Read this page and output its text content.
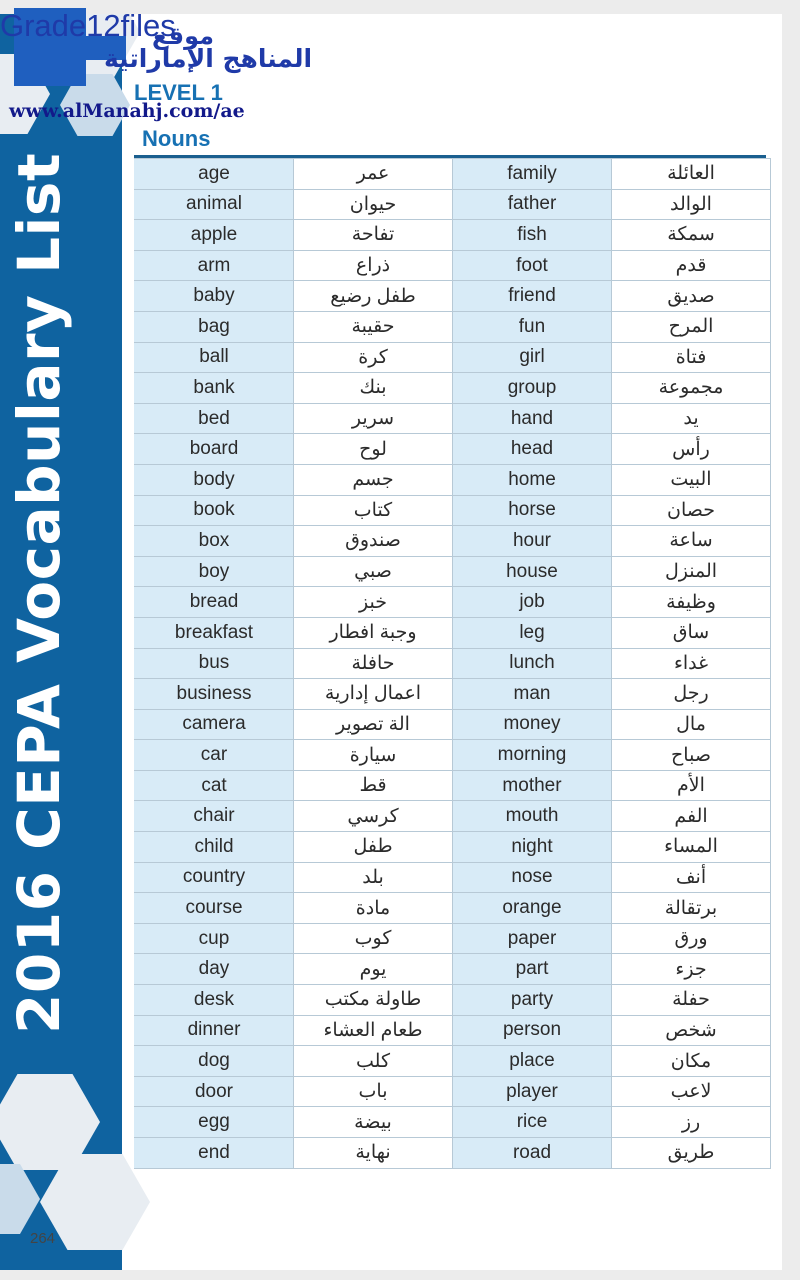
2016 CEPA Vocabulary List
LEVEL 1
Nouns
age	عمر	family	العائلة
animal	حيوان	father	الوالد
apple	تفاحة	fish	سمكة
arm	ذراع	foot	قدم
baby	طفل رضيع	friend	صديق
bag	حقيبة	fun	المرح
ball	كرة	girl	فتاة
bank	بنك	group	مجموعة
bed	سرير	hand	يد
board	لوح	head	رأس
body	جسم	home	البيت
book	كتاب	horse	حصان
box	صندوق	hour	ساعة
boy	صبي	house	المنزل
bread	خبز	job	وظيفة
breakfast	وجبة افطار	leg	ساق
bus	حافلة	lunch	غداء
business	اعمال إدارية	man	رجل
camera	الة تصوير	money	مال
car	سيارة	morning	صباح
cat	قط	mother	الأم
chair	كرسي	mouth	الفم
child	طفل	night	المساء
country	بلد	nose	أنف
course	مادة	orange	برتقالة
cup	كوب	paper	ورق
day	يوم	part	جزء
desk	طاولة مكتب	party	حفلة
dinner	طعام العشاء	person	شخص
dog	كلب	place	مكان
door	باب	player	لاعب
egg	بيضة	rice	رز
end	نهاية	road	طريق
264
Grade12files
موقع
المناهج الإماراتية
www.alManahj.com/ae
